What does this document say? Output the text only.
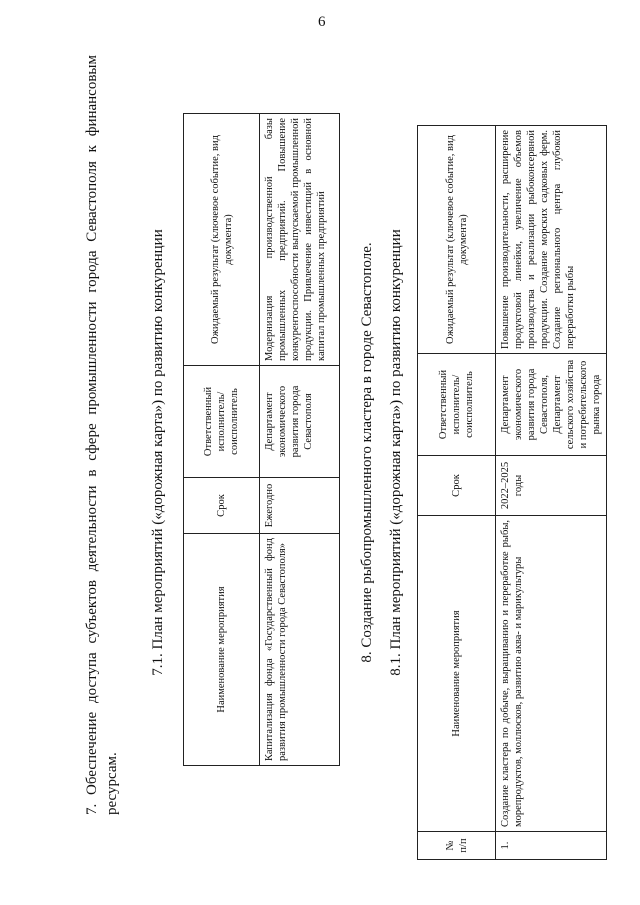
6
7. Обеспечение доступа субъектов деятельности в сфере промышленности города Севастополя к финансовым ресурсам.
7.1. План мероприятий («дорожная карта») по развитию конкуренции	Наименование мероприятия	Срок	Ответственный исполнитель/ соисполнитель	Ожидаемый результат (ключевое событие, вид документа)
Капитализация фонда «Государственный фонд развития промышленности города Севастополя»	Ежегодно	Департамент экономического развития города Севастополя	Модернизация производственной базы промышленных предприятий. Повышение конкурентоспособности выпускаемой промышленной продукции. Привлечение инвестиций в основной капитал промышленных предприятий 8. Создание рыбопромышленного кластера в городе Севастополе. 8.1. План мероприятий («дорожная карта») по развитию конкуренции
№ п/п	Наименование мероприятия	Срок	Ответственный исполнитель/ соисполнитель	Ожидаемый результат (ключевое событие, вид документа)
1.	Создание кластера по добыче, выращиванию и переработке рыбы, морепродуктов, моллюсков, развитию аква- и марикультуры	2022–2025 годы	Департамент экономического развития города Севастополя, Департамент сельского хозяйства и потребительского рынка города	Повышение производительности, расширение продуктовой линейки, увеличение объемов производства и реализации рыбоконсервной продукции. Создание морских садковых ферм. Создание регионального центра глубокой переработки рыбы
